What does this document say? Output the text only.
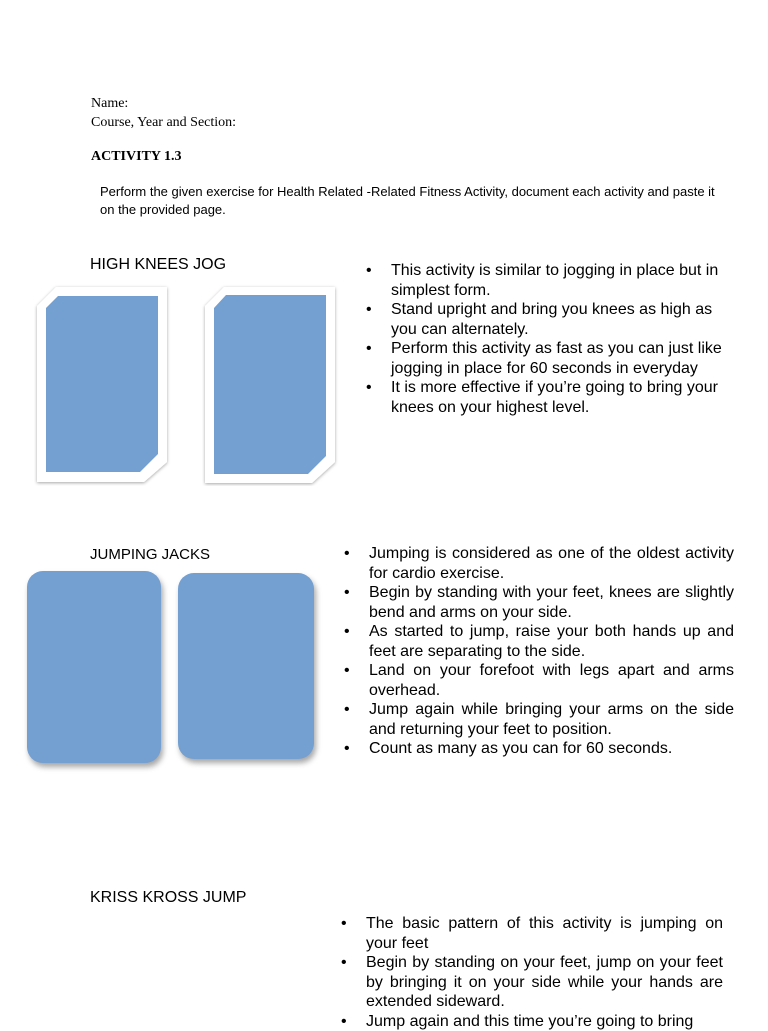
Name:
Course, Year and Section:
ACTIVITY 1.3
Perform the given exercise for Health Related -Related Fitness Activity, document each activity and paste it on the provided page.
HIGH KNEES JOG	• This activity is similar to jogging in place but in simplest form.
• Stand upright and bring you knees as high as you can alternately.
• Perform this activity as fast as you can just like jogging in place for 60 seconds in everyday
• It is more effective if you’re going to bring your knees on your highest level.
JUMPING JACKS	• Jumping is considered as one of the oldest activity for cardio exercise.
• Begin by standing with your feet, knees are slightly bend and arms on your side.
• As started to jump, raise your both hands up and feet are separating to the side.
• Land on your forefoot with legs apart and arms overhead.
• Jump again while bringing your arms on the side and returning your feet to position.
• Count as many as you can for 60 seconds.
KRISS KROSS JUMP
• The basic pattern of this activity is jumping on your feet
• Begin by standing on your feet, jump on your feet by bringing it on your side while your hands are extended sideward.
• Jump again and this time you’re going to bring
